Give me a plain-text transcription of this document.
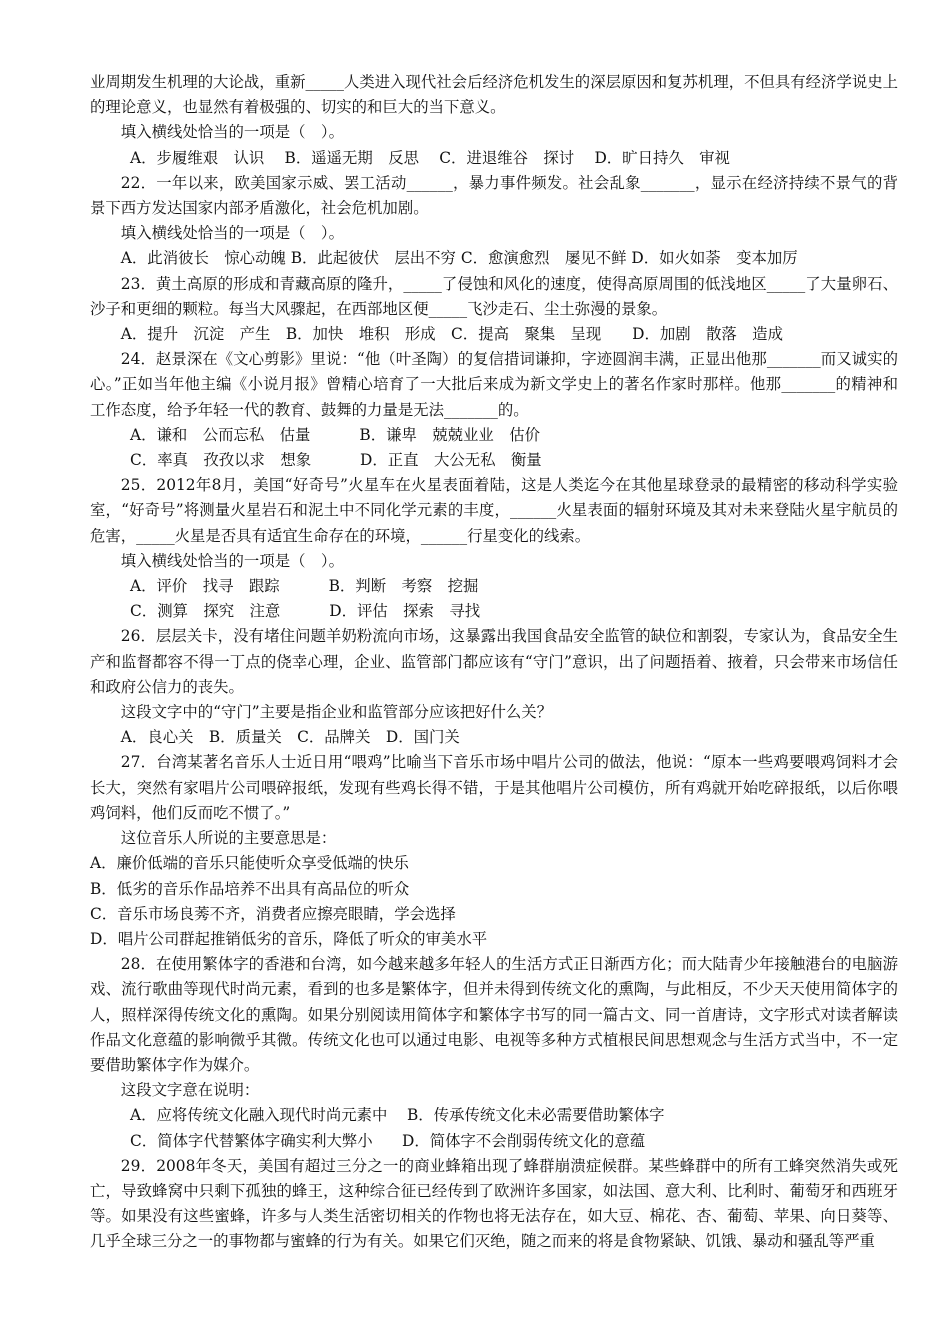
业周期发生机理的大论战，重新_____人类进入现代社会后经济危机发生的深层原因和复苏机理，不但具有经济学说史上的理论意义，也显然有着极强的、切实的和巨大的当下意义。

填入横线处恰当的一项是（　）。

A．步履维艰　认识　 B．遥遥无期　反思　 C．进退维谷　探讨　 D．旷日持久　审视

22．一年以来，欧美国家示威、罢工活动______，暴力事件频发。社会乱象_______，显示在经济持续不景气的背景下西方发达国家内部矛盾激化，社会危机加剧。

填入横线处恰当的一项是（　）。

A．此消彼长　惊心动魄 B．此起彼伏　层出不穷 C．愈演愈烈　屡见不鲜 D．如火如荼　变本加厉

23．黄土高原的形成和青藏高原的隆升，_____了侵蚀和风化的速度，使得高原周围的低浅地区_____了大量卵石、沙子和更细的颗粒。每当大风骤起，在西部地区便_____飞沙走石、尘土弥漫的景象。

A．提升　沉淀　产生　B．加快　堆积　形成　C．提高　聚集　呈现　　D．加剧　散落　造成

24．赵景深在《文心剪影》里说：“他（叶圣陶）的复信措词谦抑，字迹圆润丰满，正显出他那_______而又诚实的心。”正如当年他主编《小说月报》曾精心培育了一大批后来成为新文学史上的著名作家时那样。他那_______的精神和工作态度，给予年轻一代的教育、鼓舞的力量是无法_______的。

A．谦和　公而忘私　估量	B．谦卑　兢兢业业　估价

C．率真　孜孜以求　想象	D．正直　大公无私　衡量

25．2012年8月，美国“好奇号”火星车在火星表面着陆，这是人类迄今在其他星球登录的最精密的移动科学实验室，“好奇号”将测量火星岩石和泥土中不同化学元素的丰度，______火星表面的辐射环境及其对未来登陆火星宇航员的危害，_____火星是否具有适宜生命存在的环境，______行星变化的线索。

填入横线处恰当的一项是（　）。

A．评价　找寻　跟踪	B．判断　考察　挖掘

C．测算　探究　注意	D．评估　探索　寻找

26．层层关卡，没有堵住问题羊奶粉流向市场，这暴露出我国食品安全监管的缺位和割裂，专家认为，食品安全生产和监督都容不得一丁点的侥幸心理，企业、监管部门都应该有“守门”意识，出了问题捂着、掖着，只会带来市场信任和政府公信力的丧失。

这段文字中的“守门”主要是指企业和监管部分应该把好什么关？

A．良心关　B．质量关　C．品牌关　D．国门关

27．台湾某著名音乐人士近日用“喂鸡”比喻当下音乐市场中唱片公司的做法，他说：“原本一些鸡要喂鸡饲料才会长大，突然有家唱片公司喂碎报纸，发现有些鸡长得不错，于是其他唱片公司模仿，所有鸡就开始吃碎报纸，以后你喂鸡饲料，他们反而吃不惯了。”

这位音乐人所说的主要意思是：

A．廉价低端的音乐只能使听众享受低端的快乐

B．低劣的音乐作品培养不出具有高品位的听众

C．音乐市场良莠不齐，消费者应擦亮眼睛，学会选择

D．唱片公司群起推销低劣的音乐，降低了听众的审美水平

28．在使用繁体字的香港和台湾，如今越来越多年轻人的生活方式正日渐西方化；而大陆青少年接触港台的电脑游戏、流行歌曲等现代时尚元素，看到的也多是繁体字，但并未得到传统文化的熏陶，与此相反，不少天天使用简体字的人，照样深得传统文化的熏陶。如果分别阅读用简体字和繁体字书写的同一篇古文、同一首唐诗，文字形式对读者解读作品文化意蕴的影响微乎其微。传统文化也可以通过电影、电视等多种方式植根民间思想观念与生活方式当中，不一定要借助繁体字作为媒介。

这段文字意在说明：

A．应将传统文化融入现代时尚元素中 B．传承传统文化未必需要借助繁体字

C．简体字代替繁体字确实利大弊小 D．简体字不会削弱传统文化的意蕴

29．2008年冬天，美国有超过三分之一的商业蜂箱出现了蜂群崩溃症候群。某些蜂群中的所有工蜂突然消失或死亡，导致蜂窝中只剩下孤独的蜂王，这种综合征已经传到了欧洲许多国家，如法国、意大利、比利时、葡萄牙和西班牙等。如果没有这些蜜蜂，许多与人类生活密切相关的作物也将无法存在，如大豆、棉花、杏、葡萄、苹果、向日葵等、几乎全球三分之一的事物都与蜜蜂的行为有关。如果它们灭绝，随之而来的将是食物紧缺、饥饿、暴动和骚乱等严重
